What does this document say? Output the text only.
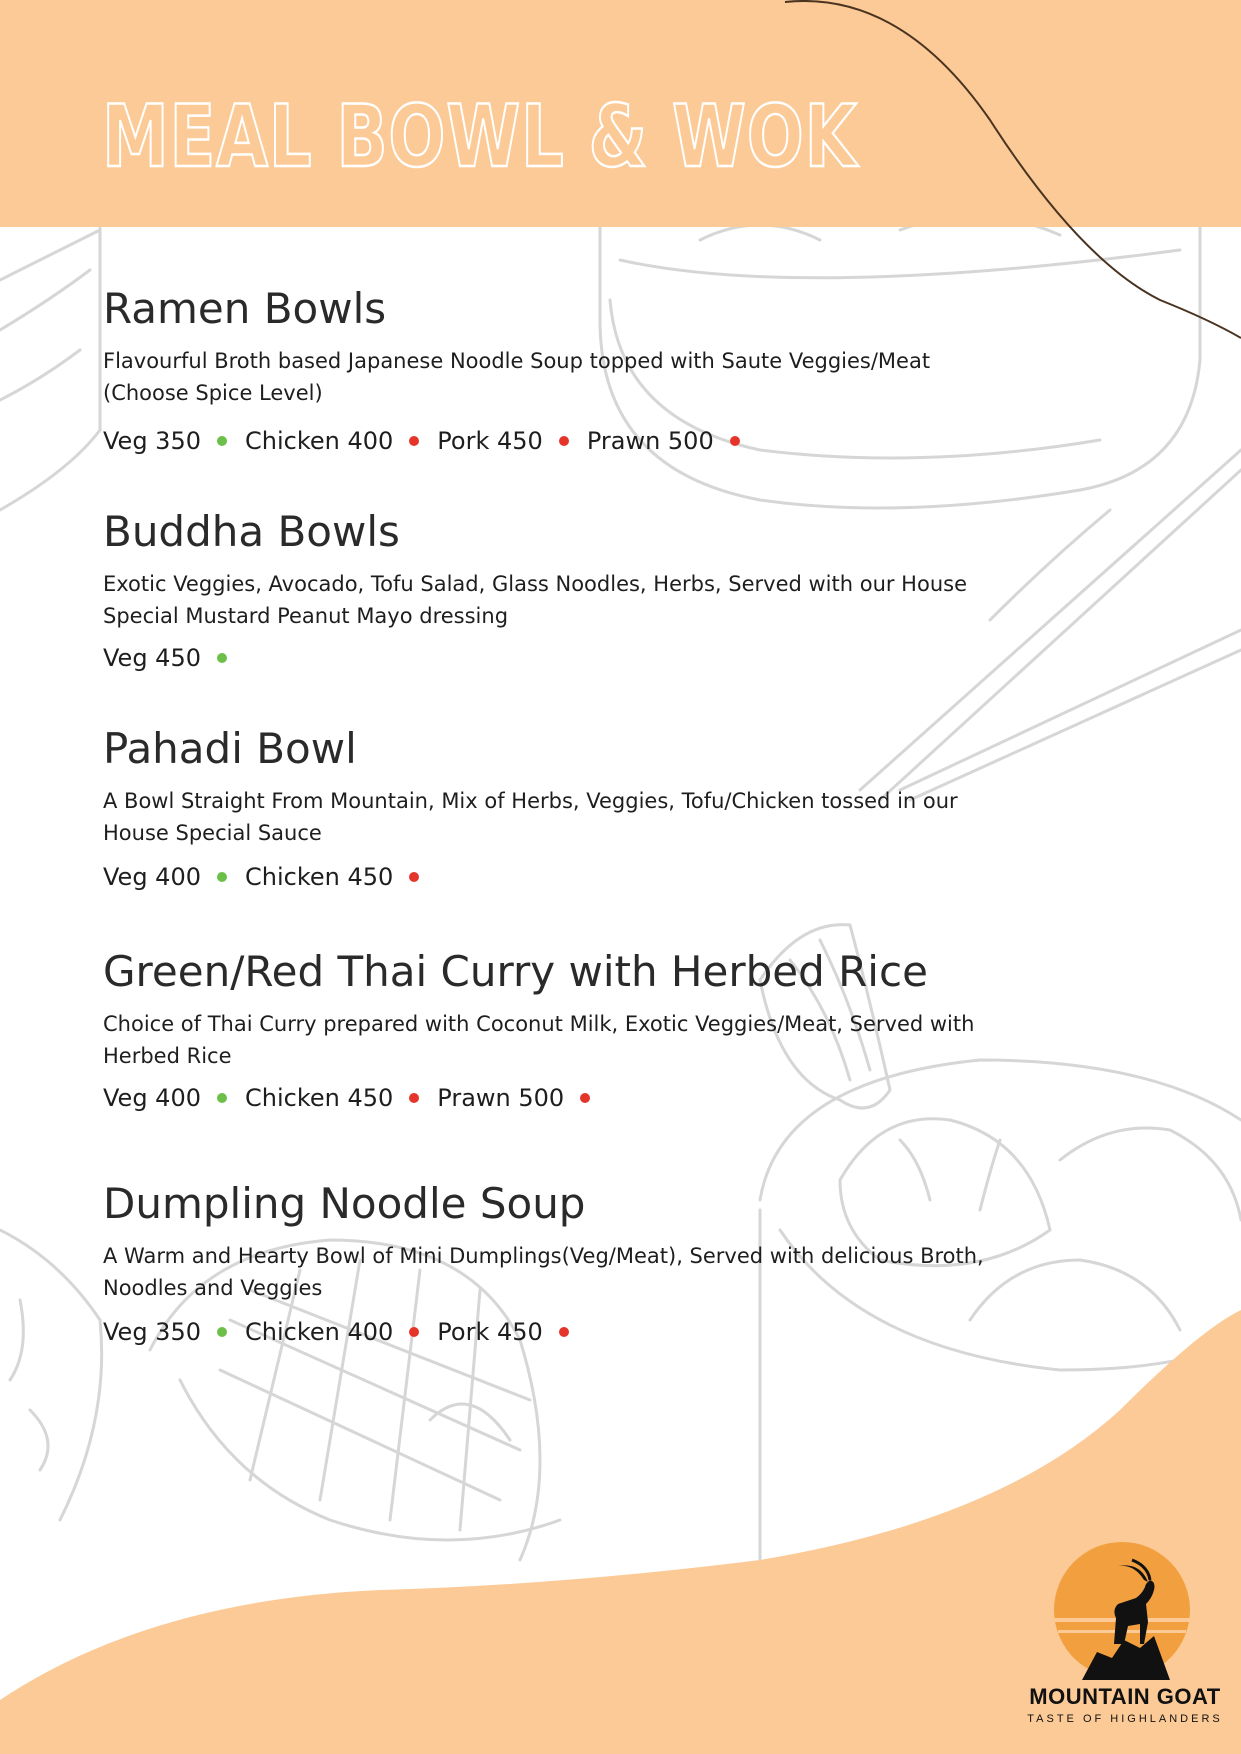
MEAL BOWL & WOK
Ramen Bowls

Flavourful Broth based Japanese Noodle Soup topped with Saute Veggies/Meat (Choose Spice Level)

Veg 350 Chicken 400 Pork 450 Prawn 500
Buddha Bowls

Exotic Veggies, Avocado, Tofu Salad, Glass Noodles, Herbs, Served with our House Special Mustard Peanut Mayo dressing

Veg 450
Pahadi Bowl

A Bowl Straight From Mountain, Mix of Herbs, Veggies, Tofu/Chicken tossed in our House Special Sauce

Veg 400 Chicken 450
Green/Red Thai Curry with Herbed Rice

Choice of Thai Curry prepared with Coconut Milk, Exotic Veggies/Meat, Served with Herbed Rice

Veg 400 Chicken 450 Prawn 500
Dumpling Noodle Soup

A Warm and Hearty Bowl of Mini Dumplings(Veg/Meat), Served with delicious Broth, Noodles and Veggies

Veg 350 Chicken 400 Pork 450
MOUNTAIN GOAT
TASTE OF HIGHLANDERS
